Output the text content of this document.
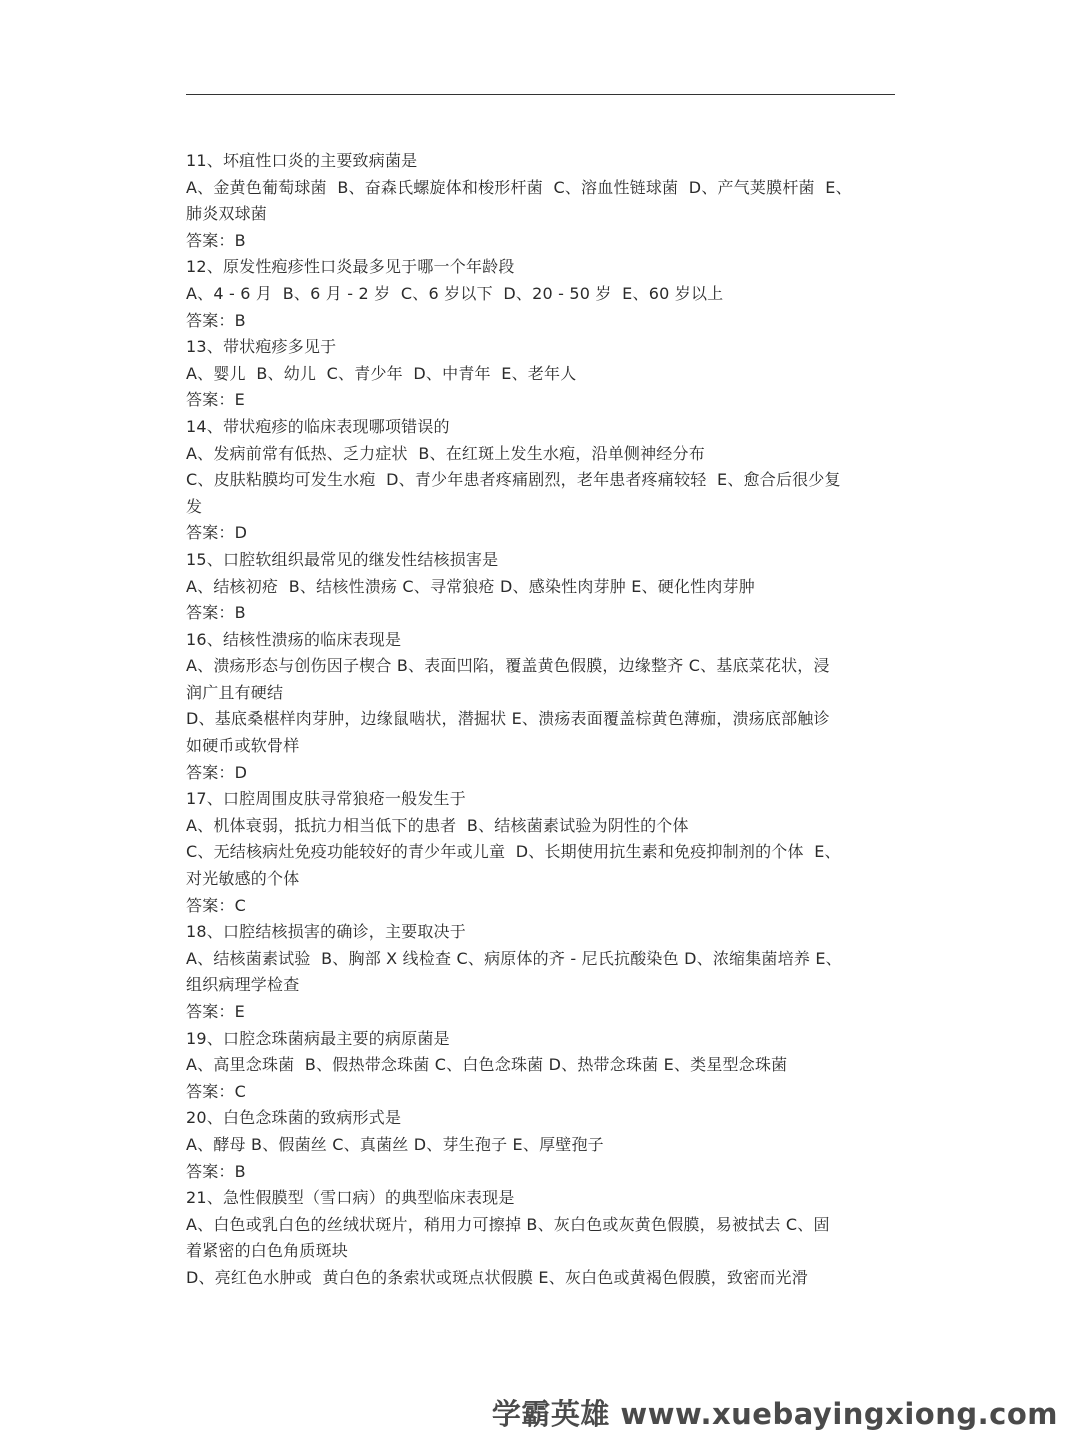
11、坏疽性口炎的主要致病菌是
A、金黄色葡萄球菌  B、奋森氏螺旋体和梭形杆菌  C、溶血性链球菌  D、产气荚膜杆菌  E、
肺炎双球菌
答案：B
12、原发性疱疹性口炎最多见于哪一个年龄段
A、4 - 6 月  B、6 月 - 2 岁  C、6 岁以下  D、20 - 50 岁  E、60 岁以上
答案：B
13、带状疱疹多见于
A、婴儿  B、幼儿  C、青少年  D、中青年  E、老年人
答案：E
14、带状疱疹的临床表现哪项错误的
A、发病前常有低热、乏力症状  B、在红斑上发生水疱，沿单侧神经分布
C、皮肤粘膜均可发生水疱  D、青少年患者疼痛剧烈，老年患者疼痛较轻  E、愈合后很少复
发
答案：D
15、口腔软组织最常见的继发性结核损害是
A、结核初疮  B、结核性溃疡 C、寻常狼疮 D、感染性肉芽肿 E、硬化性肉芽肿
答案：B
16、结核性溃疡的临床表现是
A、溃疡形态与创伤因子楔合 B、表面凹陷，覆盖黄色假膜，边缘整齐 C、基底菜花状，浸
润广且有硬结
D、基底桑椹样肉芽肿，边缘鼠啮状，潜掘状 E、溃疡表面覆盖棕黄色薄痂，溃疡底部触诊
如硬币或软骨样
答案：D
17、口腔周围皮肤寻常狼疮一般发生于
A、机体衰弱，抵抗力相当低下的患者  B、结核菌素试验为阴性的个体
C、无结核病灶免疫功能较好的青少年或儿童  D、长期使用抗生素和免疫抑制剂的个体  E、
对光敏感的个体
答案：C
18、口腔结核损害的确诊，主要取决于
A、结核菌素试验  B、胸部 X 线检查 C、病原体的齐 - 尼氏抗酸染色 D、浓缩集菌培养 E、
组织病理学检查
答案：E
19、口腔念珠菌病最主要的病原菌是
A、高里念珠菌  B、假热带念珠菌 C、白色念珠菌 D、热带念珠菌 E、类星型念珠菌
答案：C
20、白色念珠菌的致病形式是
A、酵母 B、假菌丝 C、真菌丝 D、芽生孢子 E、厚壁孢子
答案：B
21、急性假膜型（雪口病）的典型临床表现是
A、白色或乳白色的丝绒状斑片，稍用力可擦掉 B、灰白色或灰黄色假膜，易被拭去 C、固
着紧密的白色角质斑块
D、亮红色水肿或  黄白色的条索状或斑点状假膜 E、灰白色或黄褐色假膜，致密而光滑
学霸英雄 www.xuebayingxiong.com
